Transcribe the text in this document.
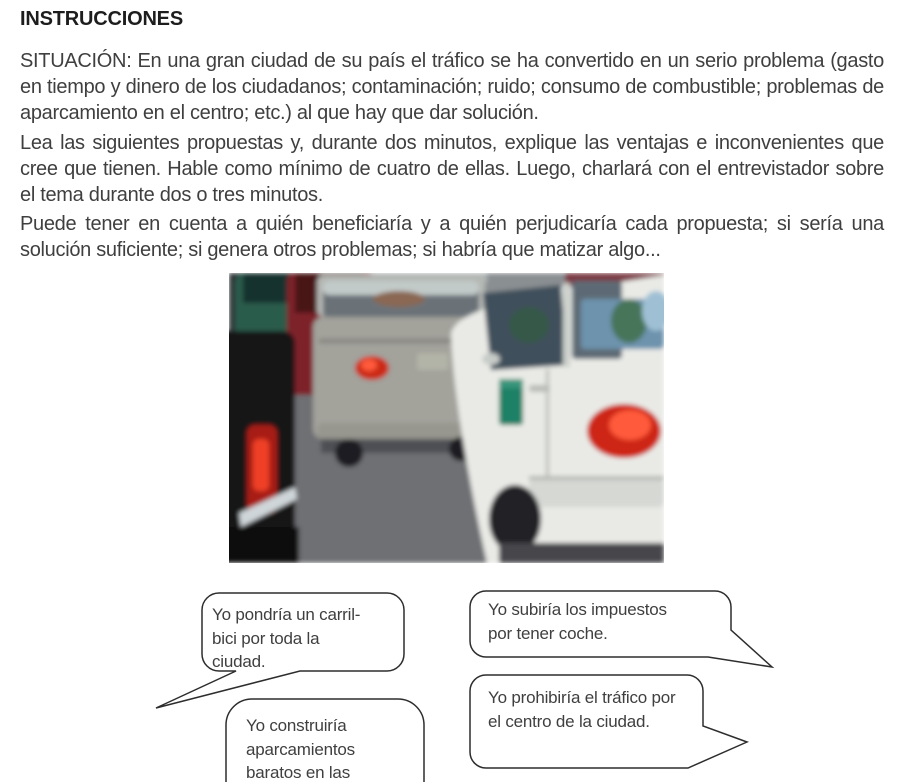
INSTRUCCIONES

SITUACIÓN: En una gran ciudad de su país el tráfico se ha convertido en un serio problema (gasto en tiempo y dinero de los ciudadanos; contaminación; ruido; consumo de combustible; problemas de aparcamiento en el centro; etc.) al que hay que dar solución.

Lea las siguientes propuestas y, durante dos minutos, explique las ventajas e inconvenientes que cree que tienen. Hable como mínimo de cuatro de ellas. Luego, charlará con el entrevistador sobre el tema durante dos o tres minutos.

Puede tener en cuenta a quién beneficiaría y a quién perjudicaría cada propuesta; si sería una solución suficiente; si genera otros problemas; si habría que matizar algo...

Yo pondría un carril-bici por toda la ciudad.
Yo subiría los impuestos por tener coche.
Yo construiría aparcamientos baratos en las
Yo prohibiría el tráfico por el centro de la ciudad.
